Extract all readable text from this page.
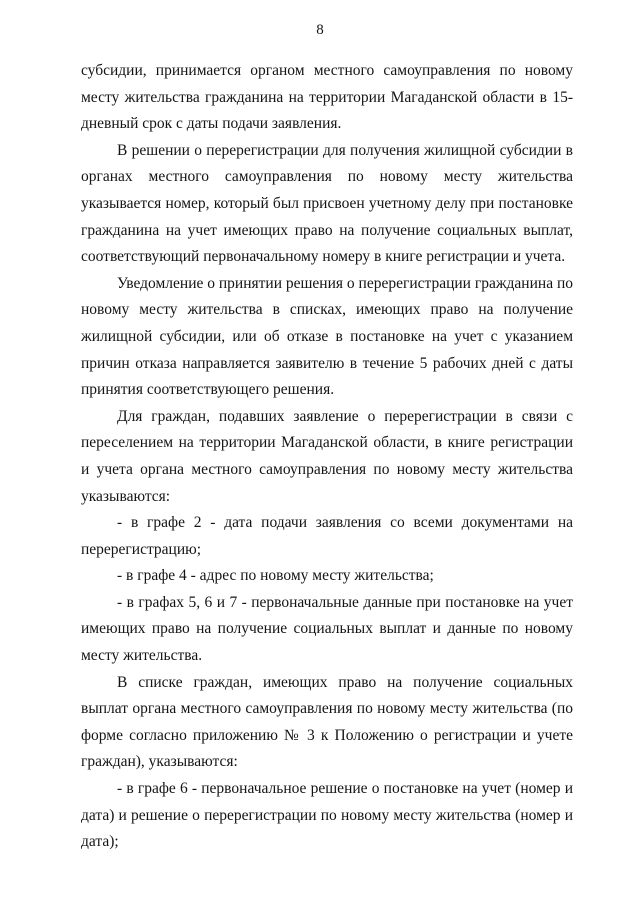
8

субсидии, принимается органом местного самоуправления по новому месту жительства гражданина на территории Магаданской области в 15-дневный срок с даты подачи заявления.

В решении о перерегистрации для получения жилищной субсидии в органах местного самоуправления по новому месту жительства указывается номер, который был присвоен учетному делу при постановке гражданина на учет имеющих право на получение социальных выплат, соответствующий первоначальному номеру в книге регистрации и учета.

Уведомление о принятии решения о перерегистрации гражданина по новому месту жительства в списках, имеющих право на получение жилищной субсидии, или об отказе в постановке на учет с указанием причин отказа направляется заявителю в течение 5 рабочих дней с даты принятия соответствующего решения.

Для граждан, подавших заявление о перерегистрации в связи с переселением на территории Магаданской области, в книге регистрации и учета органа местного самоуправления по новому месту жительства указываются:

- в графе 2 - дата подачи заявления со всеми документами на перерегистрацию;

- в графе 4 - адрес по новому месту жительства;

- в графах 5, 6 и 7 - первоначальные данные при постановке на учет имеющих право на получение социальных выплат и данные по новому месту жительства.

В списке граждан, имеющих право на получение социальных выплат органа местного самоуправления по новому месту жительства (по форме согласно приложению № 3 к Положению о регистрации и учете граждан), указываются:

- в графе 6 - первоначальное решение о постановке на учет (номер и дата) и решение о перерегистрации по новому месту жительства (номер и дата);
